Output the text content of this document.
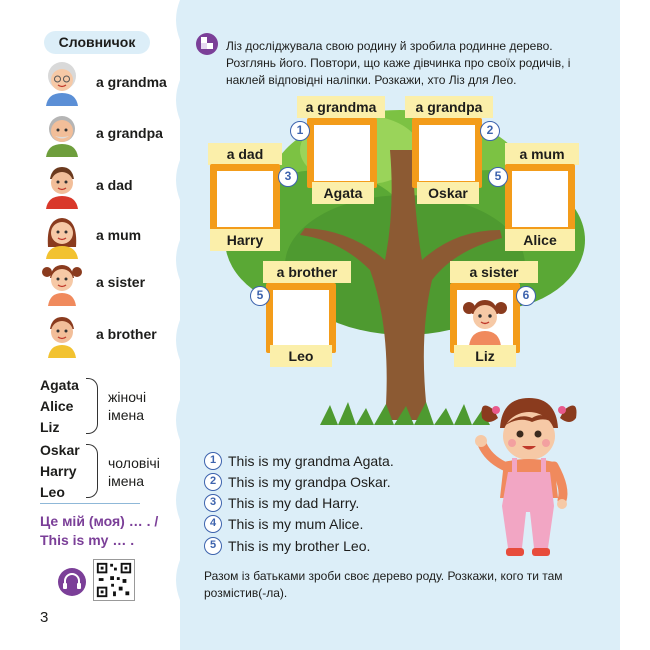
Словничок
a grandma
a grandpa
a dad
a mum
a sister
a brother
Agata
Alice
Liz
жіночі імена
Oskar
Harry
Leo
чоловічі імена
Це мій (моя) … . /
This is my … .
3
Ліз досліджувала свою родину й зробила родинне дерево. Розглянь його. Повтори, що каже дівчинка про своїх родичів, і наклей відповідні наліпки. Розкажи, хто Ліз для Лео.
a grandma
Agata
1
a grandpa
Oskar
2
a dad
Harry
3
a mum
Alice
5
a brother
Leo
5
a sister
Liz
6
1 This is my grandma Agata.
2 This is my grandpa Oskar.
3 This is my dad Harry.
4 This is my mum Alice.
5 This is my brother Leo.
Разом із батьками зроби своє дерево роду. Розкажи, кого ти там розмістив(-ла).
